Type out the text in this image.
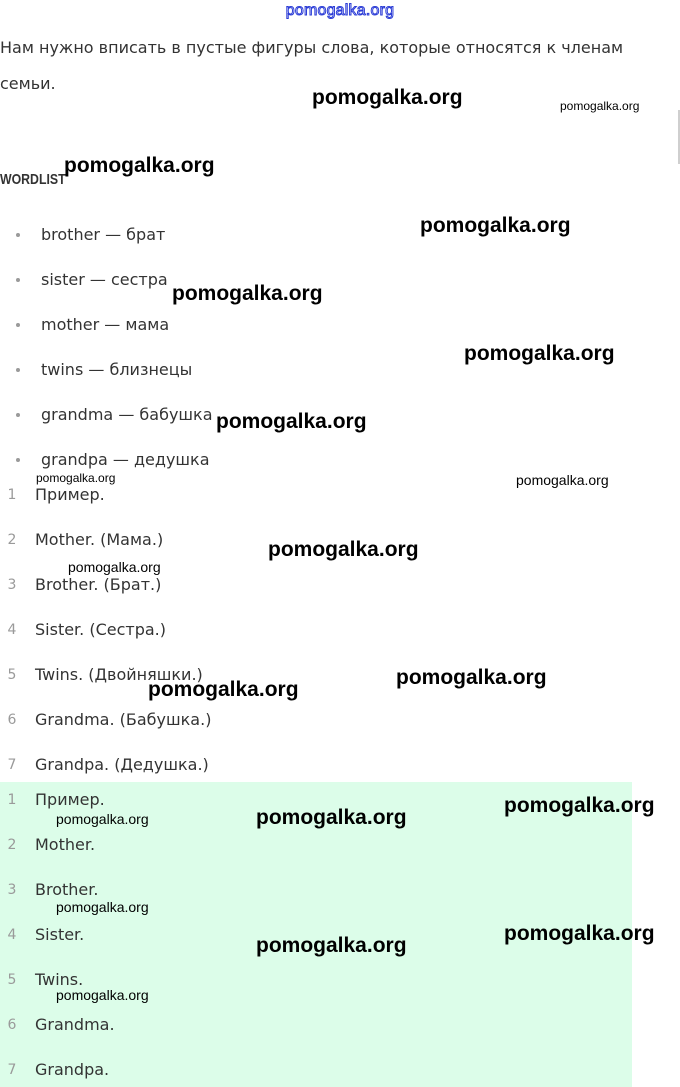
pomogalka.org
Нам нужно вписать в пустые фигуры слова, которые относятся к членам семьи.
WORDLIST
brother — брат
sister — сестра
mother — мама
twins — близнецы
grandma — бабушка
grandpa — дедушка
1	Пример.
2	Mother. (Мама.)
3	Brother. (Брат.)
4	Sister. (Сестра.)
5	Twins. (Двойняшки.)
6	Grandma. (Бабушка.)
7	Grandpa. (Дедушка.)
1	Пример.
2	Mother.
3	Brother.
4	Sister.
5	Twins.
6	Grandma.
7	Grandpa.
pomogalka.org	pomogalka.org
pomogalka.org
pomogalka.org
pomogalka.org
pomogalka.org
pomogalka.org
pomogalka.org	pomogalka.org
pomogalka.org
pomogalka.org
pomogalka.org
pomogalka.org
pomogalka.org
pomogalka.org
pomogalka.org
pomogalka.org
pomogalka.org
pomogalka.org
pomogalka.org
